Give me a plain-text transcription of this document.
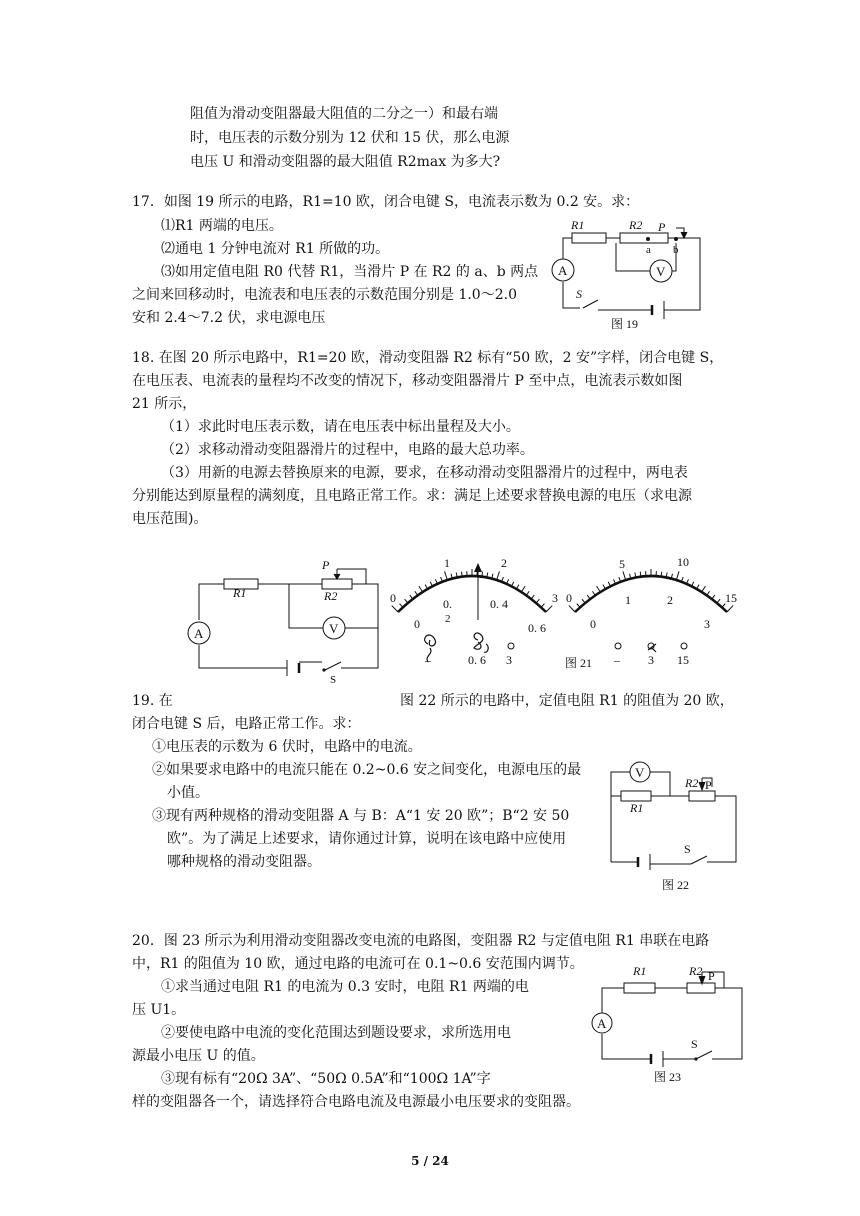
阻值为滑动变阻器最大阻值的二分之一）和最右端
时，电压表的示数分别为 12 伏和 15 伏，那么电源
电压 U 和滑动变阻器的最大阻值 R2max 为多大?
17．如图 19 所示的电路，R1=10 欧，闭合电键 S，电流表示数为 0.2 安。求：
⑴R1 两端的电压。
⑵通电 1 分钟电流对 R1 所做的功。
⑶如用定值电阻 R0 代替 R1，当滑片 P 在 R2 的 a、b 两点
之间来回移动时，电流表和电压表的示数范围分别是 1.0～2.0
安和 2.4～7.2 伏，求电源电压
R1	R2 P
a b
A	V
S
图 19
18. 在图 20 所示电路中，R1=20 欧，滑动变阻器 R2 标有“50 欧，2 安”字样，闭合电键 S，
在电压表、电流表的量程均不改变的情况下，移动变阻器滑片 P 至中点，电流表示数如图
21 所示，
（1）求此时电压表示数，请在电压表中标出量程及大小。
（2）求移动滑动变阻器滑片的过程中，电路的最大总功率。
（3）用新的电源去替换原来的电源，要求，在移动滑动变阻器滑片的过程中，两电表
分别能达到原量程的满刻度，且电路正常工作。求：满足上述要求替换电源的电压（求电源
电压范围)。
P
R1	R2
A	V
S
0
1	2
3
0
0.
2
0. 4
0. 6
–	0. 6 3
0
5	10
15
0
1	2
3
图 21 – 3 15
19. 在	图 22 所示的电路中，定值电阻 R1 的阻值为 20 欧，
闭合电键 S 后，电路正常工作。求：
①电压表的示数为 6 伏时，电路中的电流。
②如果要求电路中的电流只能在 0.2~0.6 安之间变化，电源电压的最
小值。
③现有两种规格的滑动变阻器 A 与 B：A“1 安 20 欧”；B“2 安 50
欧”。为了满足上述要求，请你通过计算，说明在该电路中应使用
哪种规格的滑动变阻器。
V
R1
R2 P
S
图 22
20．图 23 所示为利用滑动变阻器改变电流的电路图，变阻器 R2 与定值电阻 R1 串联在电路
中，R1 的阻值为 10 欧，通过电路的电流可在 0.1~0.6 安范围内调节。
①求当通过电阻 R1 的电流为 0.3 安时，电阻 R1 两端的电
压 U1。
②要使电路中电流的变化范围达到题设要求，求所选用电
源最小电压 U 的值。
③现有标有“20Ω 3A”、“50Ω 0.5A”和“100Ω 1A”字
样的变阻器各一个，请选择符合电路电流及电源最小电压要求的变阻器。
R1	R2 P
A
S
图 23
5 / 24
